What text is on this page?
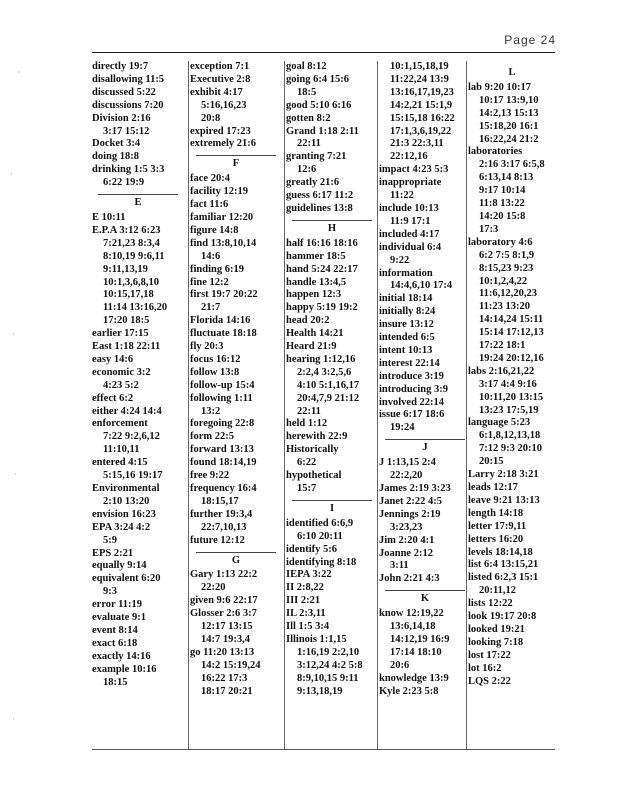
Page 24
·
·
·
·
·
directly 19:7
disallowing 11:5
discussed 5:22
discussions 7:20
Division 2:16
3:17 15:12
Docket 3:4
doing 18:8
drinking 1:5 3:3
6:22 19:9
E
E 10:11
E.P.A 3:12 6:23
7:21,23 8:3,4
8:10,19 9:6,11
9:11,13,19
10:1,3,6,8,10
10:15,17,18
11:14 13:16,20
17:20 18:5
earlier 17:15
East 1:18 22:11
easy 14:6
economic 3:2
4:23 5:2
effect 6:2
either 4:24 14:4
enforcement
7:22 9:2,6,12
11:10,11
entered 4:15
5:15,16 19:17
Environmental
2:10 13:20
envision 16:23
EPA 3:24 4:2
5:9
EPS 2:21
equally 9:14
equivalent 6:20
9:3
error 11:19
evaluate 9:1
event 8:14
exact 6:18
exactly 14:16
example 10:16
18:15
exception 7:1
Executive 2:8
exhibit 4:17
5:16,16,23
20:8
expired 17:23
extremely 21:6
F
face 20:4
facility 12:19
fact 11:6
familiar 12:20
figure 14:8
find 13:8,10,14
14:6
finding 6:19
fine 12:2
first 19:7 20:22
21:7
Florida 14:16
fluctuate 18:18
fly 20:3
focus 16:12
follow 13:8
follow-up 15:4
following 1:11
13:2
foregoing 22:8
form 22:5
forward 13:13
found 18:14,19
free 9:22
frequency 16:4
18:15,17
further 19:3,4
22:7,10,13
future 12:12
G
Gary 1:13 22:2
22:20
given 9:6 22:17
Glosser 2:6 3:7
12:17 13:15
14:7 19:3,4
go 11:20 13:13
14:2 15:19,24
16:22 17:3
18:17 20:21
goal 8:12
going 6:4 15:6
18:5
good 5:10 6:16
gotten 8:2
Grand 1:18 2:11
22:11
granting 7:21
12:6
greatly 21:6
guess 6:17 11:2
guidelines 13:8
H
half 16:16 18:16
hammer 18:5
hand 5:24 22:17
handle 13:4,5
happen 12:3
happy 5:19 19:2
head 20:2
Health 14:21
Heard 21:9
hearing 1:12,16
2:2,4 3:2,5,6
4:10 5:1,16,17
20:4,7,9 21:12
22:11
held 1:12
herewith 22:9
Historically
6:22
hypothetical
15:7
I
identified 6:6,9
6:10 20:11
identify 5:6
identifying 8:18
IEPA 3:22
II 2:8,22
III 2:21
IL 2:3,11
Ill 1:5 3:4
Illinois 1:1,15
1:16,19 2:2,10
3:12,24 4:2 5:8
8:9,10,15 9:11
9:13,18,19
10:1,15,18,19
11:22,24 13:9
13:16,17,19,23
14:2,21 15:1,9
15:15,18 16:22
17:1,3,6,19,22
21:3 22:3,11
22:12,16
impact 4:23 5:3
inappropriate
11:22
include 10:13
11:9 17:1
included 4:17
individual 6:4
9:22
information
14:4,6,10 17:4
initial 18:14
initially 8:24
insure 13:12
intended 6:5
intent 10:13
interest 22:14
introduce 3:19
introducing 3:9
involved 22:14
issue 6:17 18:6
19:24
J
J 1:13,15 2:4
22:2,20
James 2:19 3:23
Janet 2:22 4:5
Jennings 2:19
3:23,23
Jim 2:20 4:1
Joanne 2:12
3:11
John 2:21 4:3
K
know 12:19,22
13:6,14,18
14:12,19 16:9
17:14 18:10
20:6
knowledge 13:9
Kyle 2:23 5:8
L
lab 9:20 10:17
10:17 13:9,10
14:2,13 15:13
15:18,20 16:1
16:22,24 21:2
laboratories
2:16 3:17 6:5,8
6:13,14 8:13
9:17 10:14
11:8 13:22
14:20 15:8
17:3
laboratory 4:6
6:2 7:5 8:1,9
8:15,23 9:23
10:1,2,4,22
11:6,12,20,23
11:23 13:20
14:14,24 15:11
15:14 17:12,13
17:22 18:1
19:24 20:12,16
labs 2:16,21,22
3:17 4:4 9:16
10:11,20 13:15
13:23 17:5,19
language 5:23
6:1,8,12,13,18
7:12 9:3 20:10
20:15
Larry 2:18 3:21
leads 12:17
leave 9:21 13:13
length 14:18
letter 17:9,11
letters 16:20
levels 18:14,18
list 6:4 13:15,21
listed 6:2,3 15:1
20:11,12
lists 12:22
look 19:17 20:8
looked 19:21
looking 7:18
lost 17:22
lot 16:2
LQS 2:22
